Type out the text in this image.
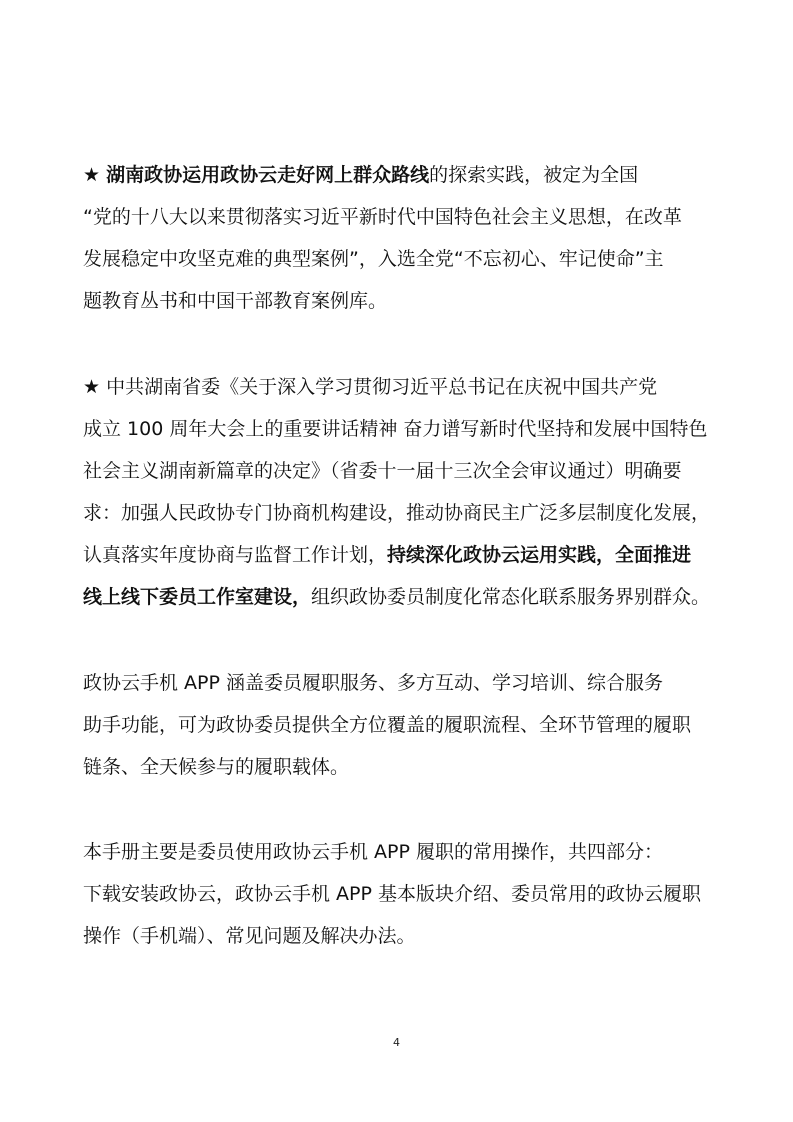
★ 湖南政协运用政协云走好网上群众路线的探索实践，被定为全国
“党的十八大以来贯彻落实习近平新时代中国特色社会主义思想，在改革
发展稳定中攻坚克难的典型案例”，入选全党“不忘初心、牢记使命”主
题教育丛书和中国干部教育案例库。
★ 中共湖南省委《关于深入学习贯彻习近平总书记在庆祝中国共产党
成立 100 周年大会上的重要讲话精神 奋力谱写新时代坚持和发展中国特色
社会主义湖南新篇章的决定》（省委十一届十三次全会审议通过）明确要
求：加强人民政协专门协商机构建设，推动协商民主广泛多层制度化发展，
认真落实年度协商与监督工作计划，持续深化政协云运用实践，全面推进
线上线下委员工作室建设，组织政协委员制度化常态化联系服务界别群众。
政协云手机 APP 涵盖委员履职服务、多方互动、学习培训、综合服务
助手功能，可为政协委员提供全方位覆盖的履职流程、全环节管理的履职
链条、全天候参与的履职载体。
本手册主要是委员使用政协云手机 APP 履职的常用操作，共四部分：
下载安装政协云，政协云手机 APP 基本版块介绍、委员常用的政协云履职
操作（手机端）、常见问题及解决办法。
4
